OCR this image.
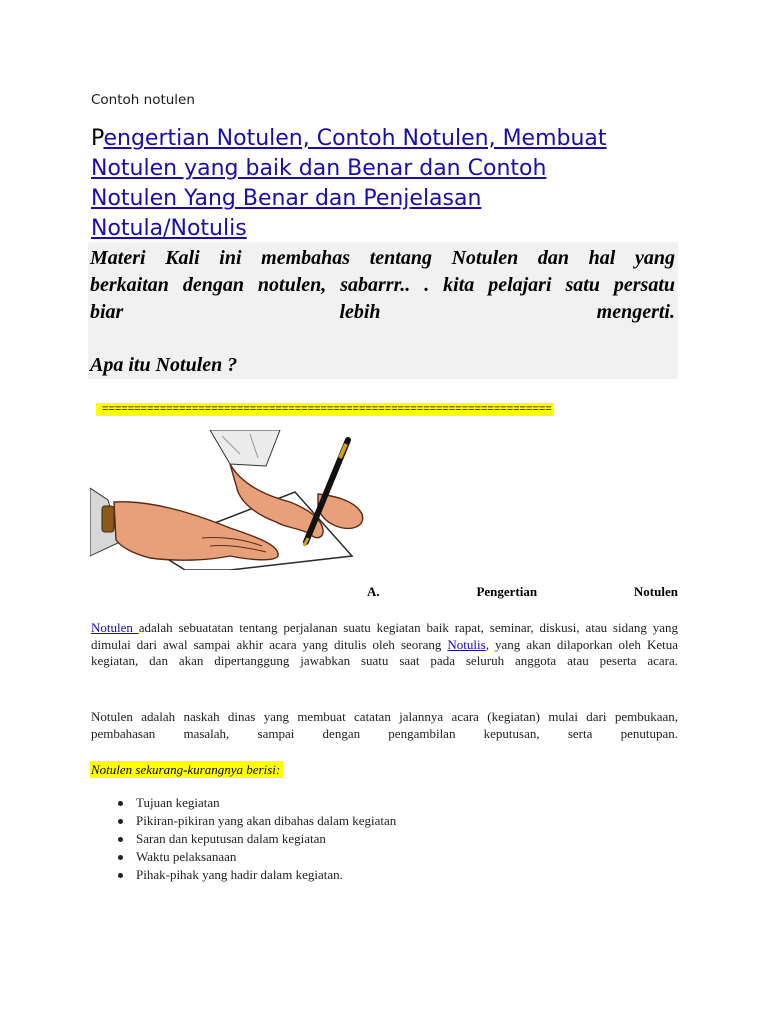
Contoh notulen
Pengertian Notulen, Contoh Notulen, Membuat
Notulen yang baik dan Benar dan Contoh
Notulen Yang Benar dan Penjelasan
Notula/Notulis
Materi Kali ini membahas tentang Notulen dan hal yang
berkaitan dengan notulen, sabarrr.. . kita pelajari satu persatu
biar	lebih	mengerti.
Apa itu Notulen ?
======================================================================
A.	Pengertian	Notulen

Notulen adalah sebuatatan tentang perjalanan suatu kegiatan baik rapat, seminar, diskusi, atau sidang yang dimulai dari awal sampai akhir acara yang ditulis oleh seorang Notulis, yang akan dilaporkan oleh Ketua kegiatan, dan akan dipertanggung jawabkan suatu saat pada seluruh anggota atau peserta acara.

Notulen adalah naskah dinas yang membuat catatan jalannya acara (kegiatan) mulai dari pembukaan, pembahasan masalah, sampai dengan pengambilan keputusan, serta penutupan.

Notulen sekurang-kurangnya berisi:
Tujuan kegiatan
Pikiran-pikiran yang akan dibahas dalam kegiatan
Saran dan keputusan dalam kegiatan
Waktu pelaksanaan
Pihak-pihak yang hadir dalam kegiatan.
